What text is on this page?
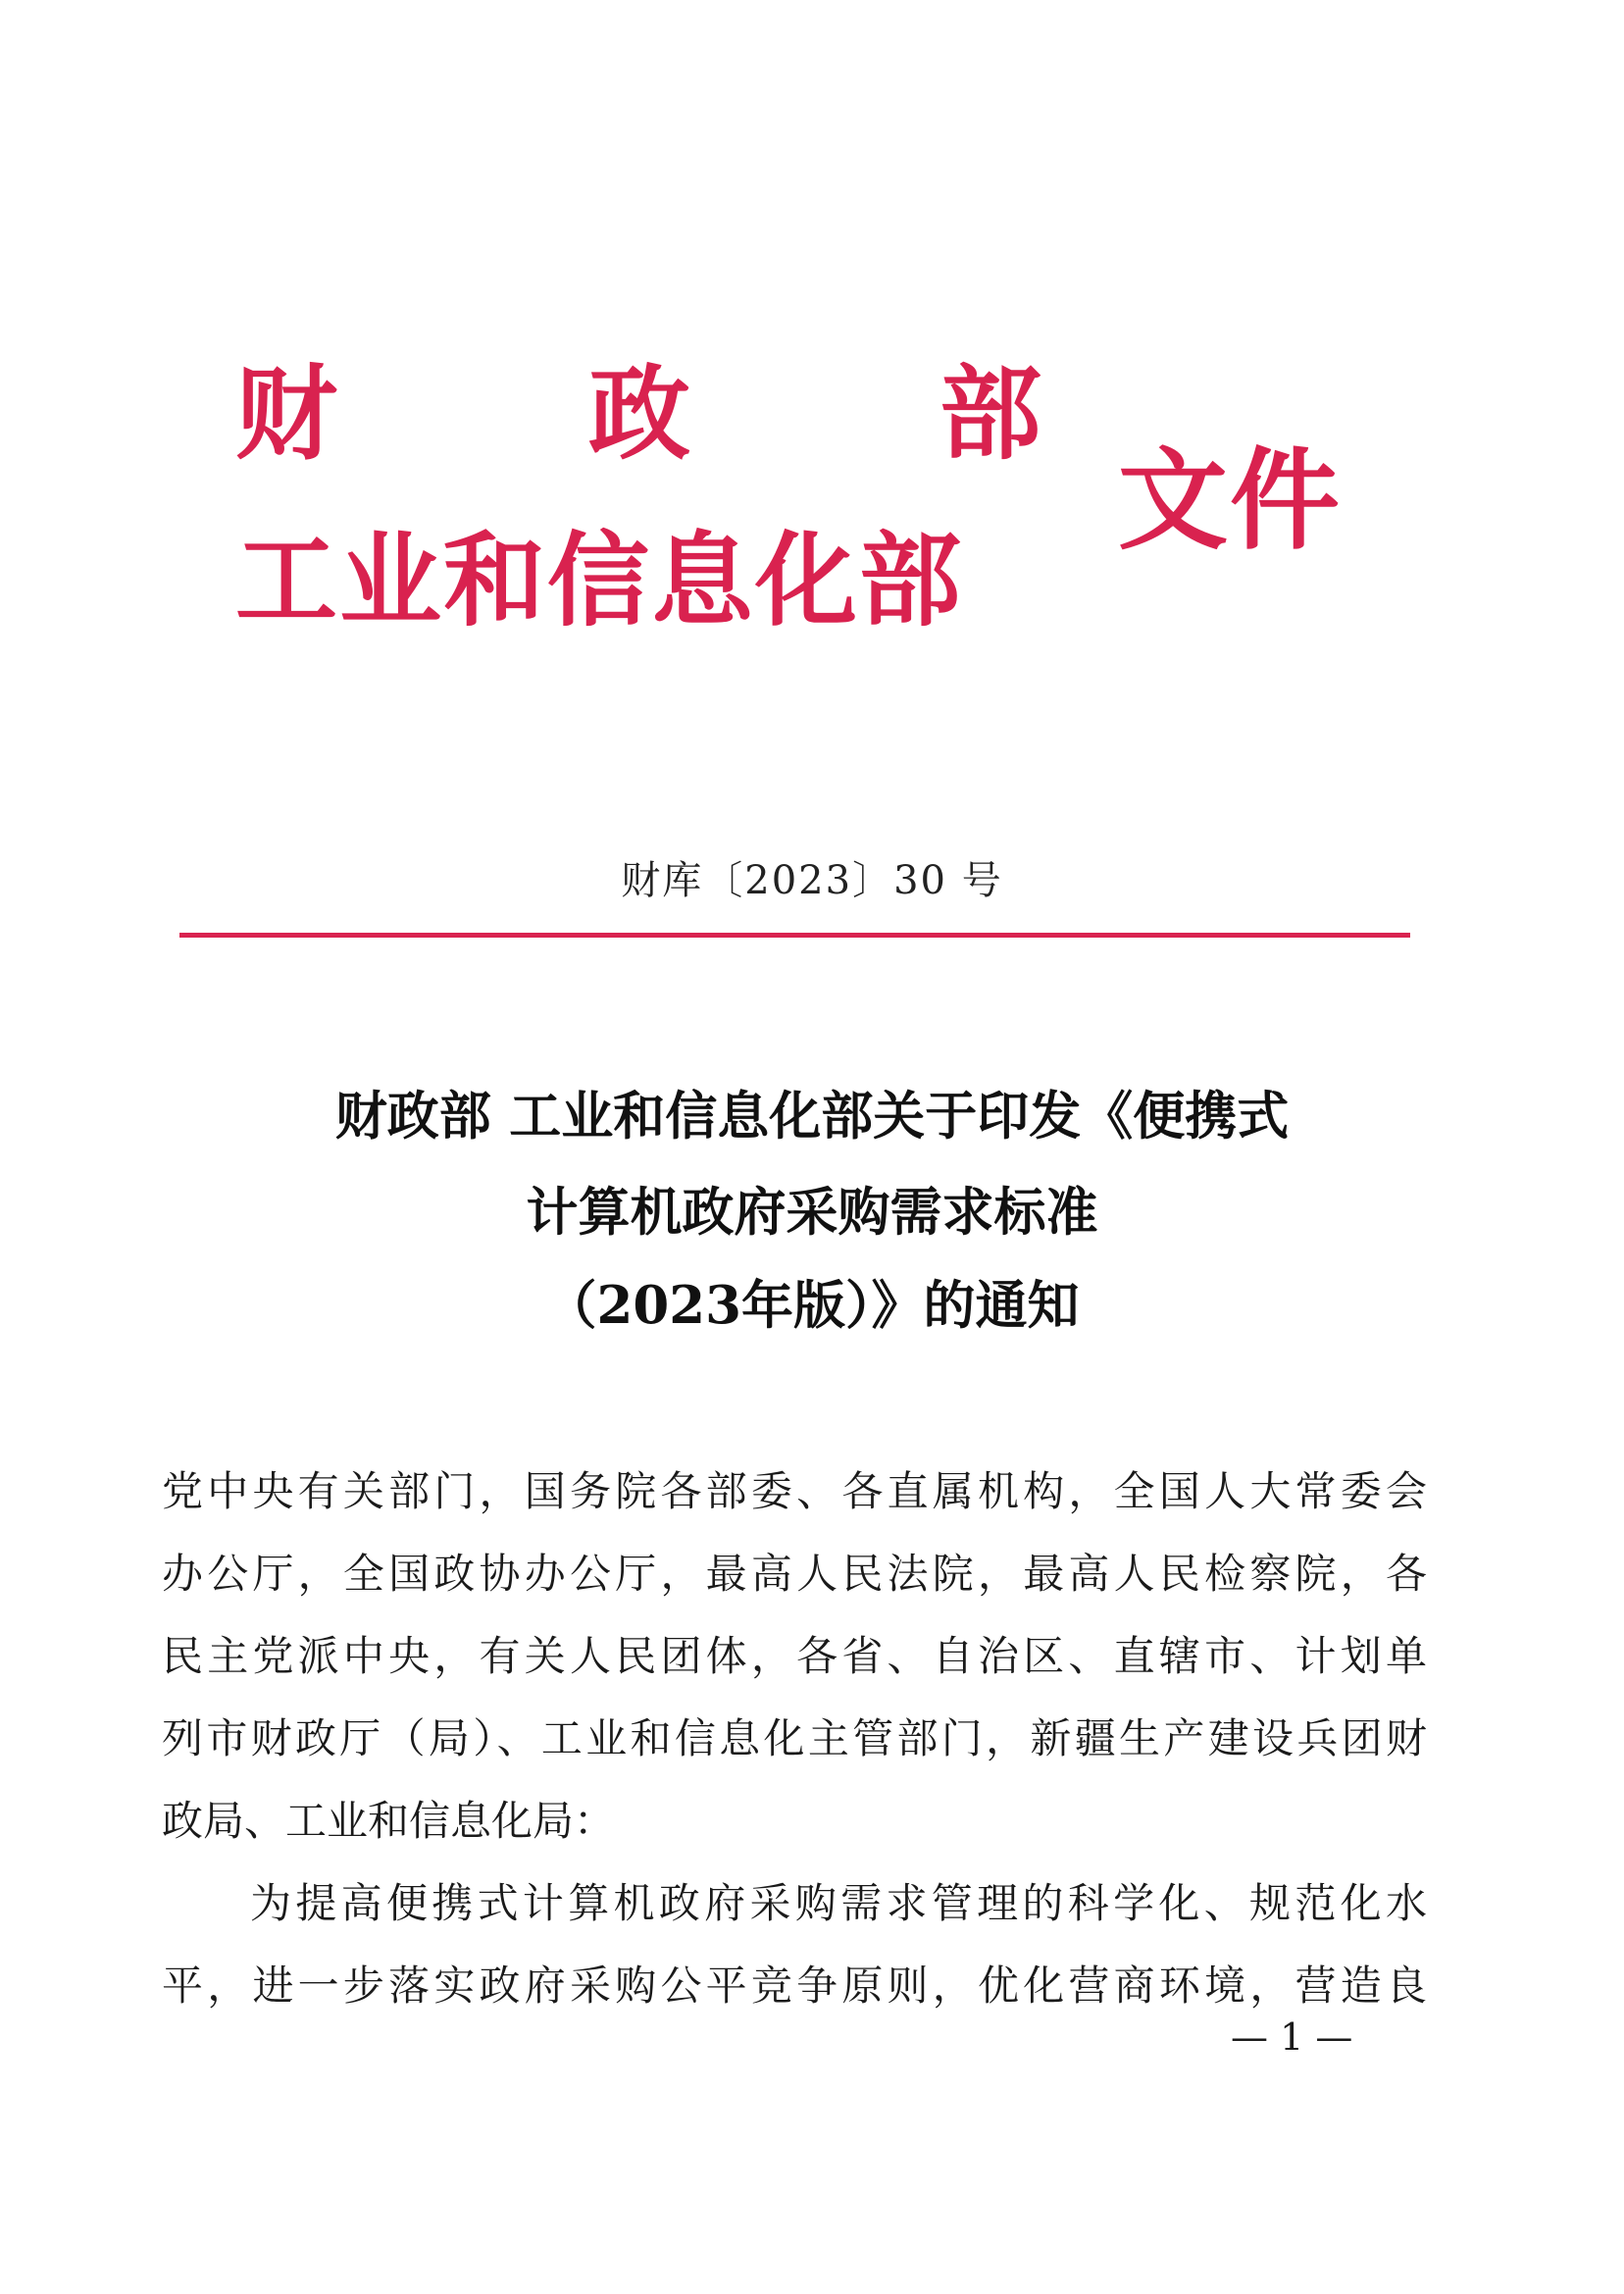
财 政 部
工业和信息化部
文件
财库〔2023〕30 号
财政部 工业和信息化部关于印发《便携式
计算机政府采购需求标准
（2023年版）》的通知
党中央有关部门，国务院各部委、各直属机构，全国人大常委会
办公厅，全国政协办公厅，最高人民法院，最高人民检察院，各
民主党派中央，有关人民团体，各省、自治区、直辖市、计划单
列市财政厅（局）、工业和信息化主管部门，新疆生产建设兵团财
政局、工业和信息化局：
为提高便携式计算机政府采购需求管理的科学化、规范化水
平，进一步落实政府采购公平竞争原则，优化营商环境，营造良
— 1 —
